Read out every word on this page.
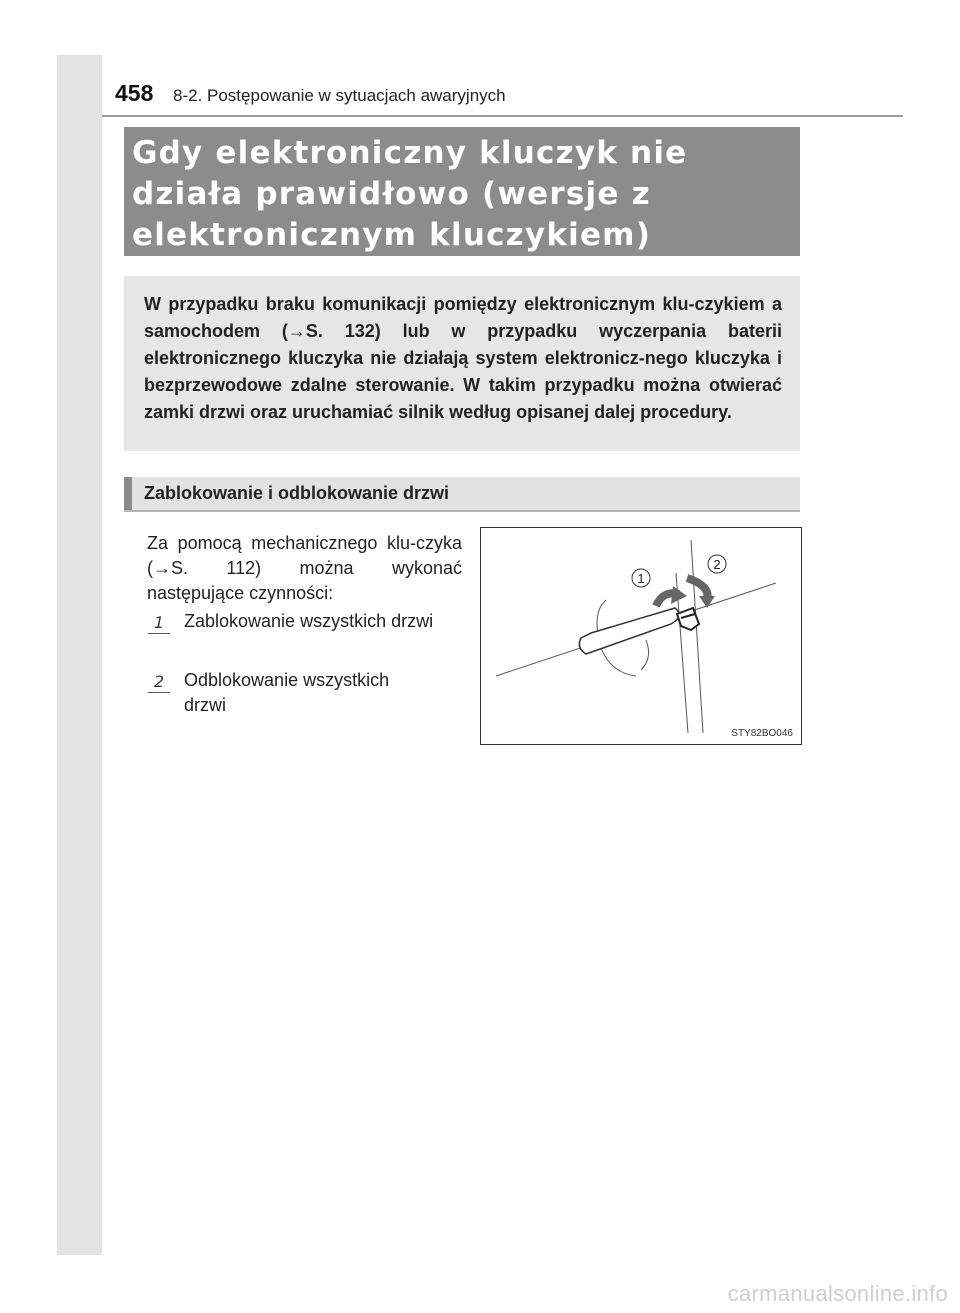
458 8-2. Postępowanie w sytuacjach awaryjnych
Gdy elektroniczny kluczyk nie działa prawidłowo (wersje z elektronicznym kluczykiem)
W przypadku braku komunikacji pomiędzy elektronicznym klu-czykiem a samochodem (→S. 132) lub w przypadku wyczerpania baterii elektronicznego kluczyka nie działają system elektronicz-nego kluczyka i bezprzewodowe zdalne sterowanie. W takim przypadku można otwierać zamki drzwi oraz uruchamiać silnik według opisanej dalej procedury.
Zablokowanie i odblokowanie drzwi
Za pomocą mechanicznego klu-czyka (→S. 112) można wykonać następujące czynności:
1	Zablokowanie wszystkich drzwi
2	Odblokowanie wszystkich drzwi
1
2
STY82BO046
carmanualsonline.info
